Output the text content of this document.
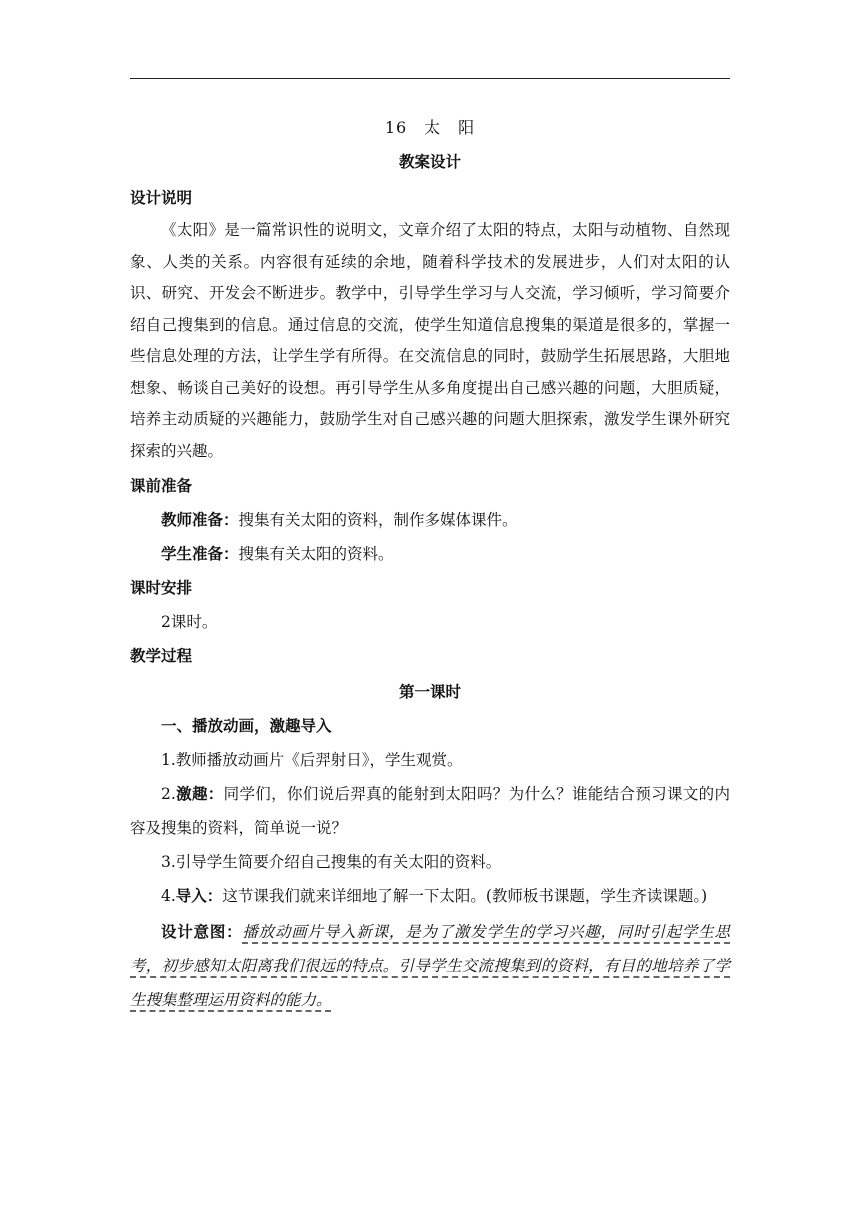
16　太　阳
教案设计
设计说明
《太阳》是一篇常识性的说明文，文章介绍了太阳的特点，太阳与动植物、自然现象、人类的关系。内容很有延续的余地，随着科学技术的发展进步，人们对太阳的认识、研究、开发会不断进步。教学中，引导学生学习与人交流，学习倾听，学习简要介绍自己搜集到的信息。通过信息的交流，使学生知道信息搜集的渠道是很多的，掌握一些信息处理的方法，让学生学有所得。在交流信息的同时，鼓励学生拓展思路，大胆地想象、畅谈自己美好的设想。再引导学生从多角度提出自己感兴趣的问题，大胆质疑，培养主动质疑的兴趣能力，鼓励学生对自己感兴趣的问题大胆探索，激发学生课外研究探索的兴趣。
课前准备
教师准备：搜集有关太阳的资料，制作多媒体课件。
学生准备：搜集有关太阳的资料。
课时安排
2课时。
教学过程
第一课时
一、播放动画，激趣导入
1.教师播放动画片《后羿射日》，学生观赏。
2.激趣：同学们，你们说后羿真的能射到太阳吗？为什么？谁能结合预习课文的内容及搜集的资料，简单说一说？
3.引导学生简要介绍自己搜集的有关太阳的资料。
4.导入：这节课我们就来详细地了解一下太阳。(教师板书课题，学生齐读课题。)
设计意图：播放动画片导入新课，是为了激发学生的学习兴趣，同时引起学生思考，初步感知太阳离我们很远的特点。引导学生交流搜集到的资料，有目的地培养了学生搜集整理运用资料的能力。
